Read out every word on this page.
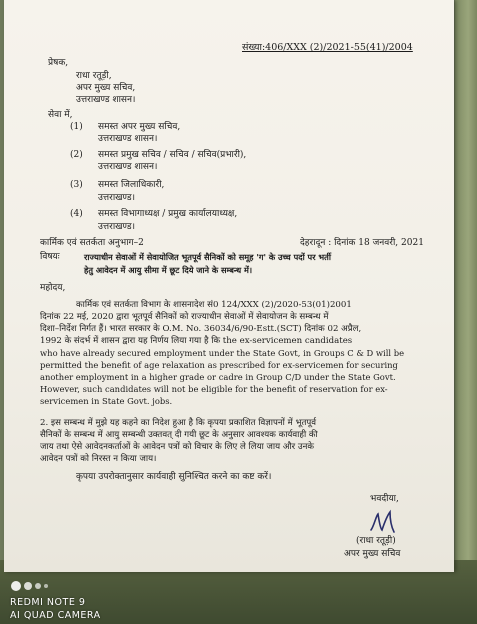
संख्या:406/XXX (2)/2021-55(41)/2004
प्रेषक,
राधा रतूड़ी,
अपर मुख्य सचिव,
उत्तराखण्ड शासन।
सेवा में,
(1) समस्त अपर मुख्य सचिव,
उत्तराखण्ड शासन।
(2) समस्त प्रमुख सचिव / सचिव / सचिव(प्रभारी),
उत्तराखण्ड शासन।
(3) समस्त जिलाधिकारी,
उत्तराखण्ड।
(4) समस्त विभागाध्यक्ष / प्रमुख कार्यालयाध्यक्ष,
उत्तराखण्ड।
कार्मिक एवं सतर्कता अनुभाग–2	देहरादून : दिनांक 18 जनवरी, 2021
विषयः	राज्याधीन सेवाओं में सेवायोजित भूतपूर्व सैनिकों को समूह 'ग' के उच्च पदों पर भर्ती
हेतु आवेदन में आयु सीमा में छूट दिये जाने के सम्बन्ध में।
महोदय,
कार्मिक एवं सतर्कता विभाग के शासनादेश सं0 124/XXX (2)/2020-53(01)2001
दिनांक 22 मई, 2020 द्वारा भूतपूर्व सैनिकों को राज्याधीन सेवाओं में सेवायोजन के सम्बन्ध में
दिशा–निर्देश निर्गत हैं। भारत सरकार के O.M. No. 36034/6/90-Estt.(SCT) दिनांक 02 अप्रैल,
1992 के संदर्भ में शासन द्वारा यह निर्णय लिया गया है कि the ex-servicemen candidates
who have already secured employment under the State Govt, in Groups C & D will be
permitted the benefit of age relaxation as prescribed for ex-servicemen for securing
another employment in a higher grade or cadre in Group C/D under the State Govt.
However, such candidates will not be eligible for the benefit of reservation for ex-
servicemen in State Govt. jobs.
2. इस सम्बन्ध में मुझे यह कहने का निदेश हुआ है कि कृपया प्रकाशित विज्ञापनों में भूतपूर्व
सैनिकों के सम्बन्ध में आयु सम्बन्धी उक्तवत् दी गयी छूट के अनुसार आवश्यक कार्यवाही की
जाय तथा ऐसे आवेदनकर्ताओं के आवेदन पत्रों को विचार के लिए ले लिया जाय और उनके
आवेदन पत्रों को निरस्त न किया जाय।
कृपया उपरोक्तानुसार कार्यवाही सुनिश्चित करने का कष्ट करें।
भवदीया,
(राधा रतूड़ी)
अपर मुख्य सचिव
REDMI NOTE 9
AI QUAD CAMERA
